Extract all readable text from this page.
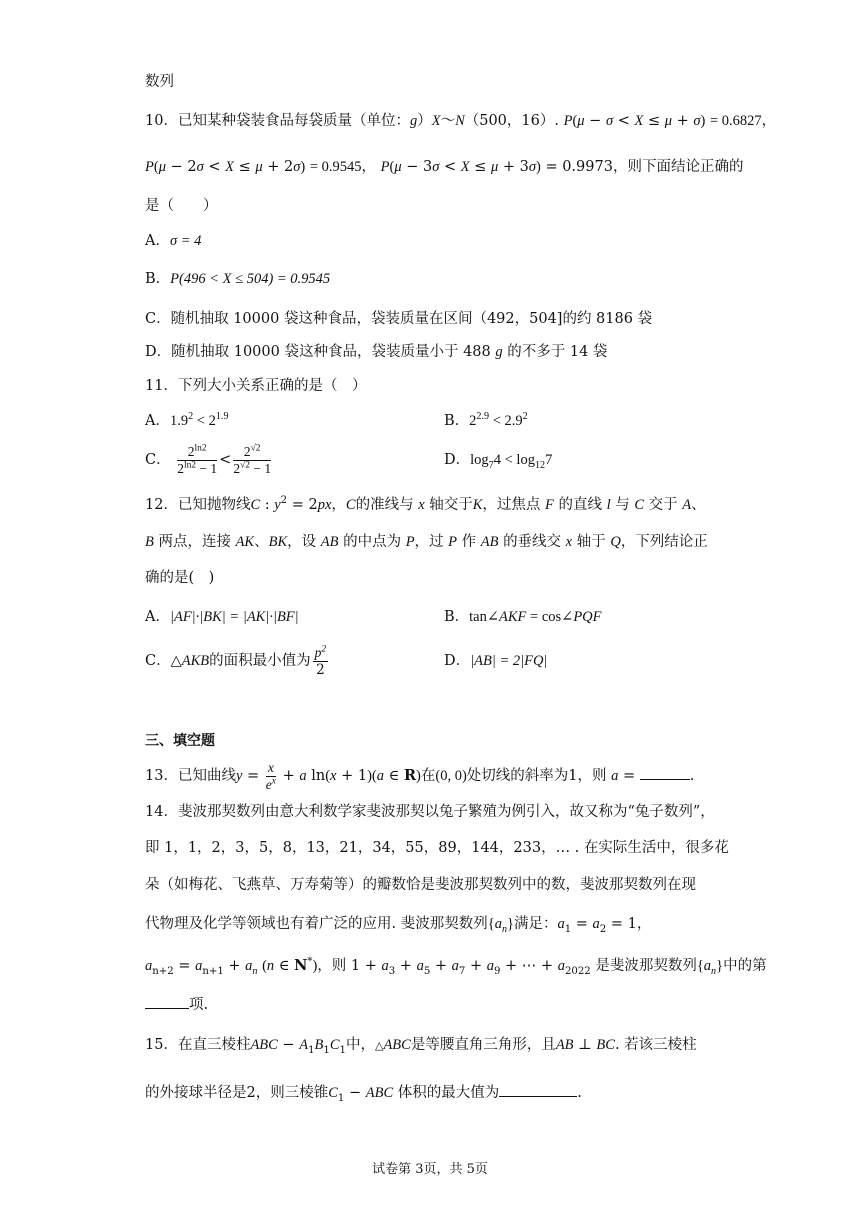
数列
10．已知某种袋装食品每袋质量（单位：g）X～N（500，16）. P(μ − σ < X ≤ μ + σ) = 0.6827，
P(μ − 2σ < X ≤ μ + 2σ) = 0.9545， P(μ − 3σ < X ≤ μ + 3σ) = 0.9973，则下面结论正确的
是（　　）
A．σ = 4
B．P(496 < X ≤ 504) = 0.9545
C．随机抽取 10000 袋这种食品，袋装质量在区间（492，504]的约 8186 袋
D．随机抽取 10000 袋这种食品，袋装质量小于 488 g 的不多于 14 袋
11．下列大小关系正确的是（　）
A．$1.9^2 < 2^{1.9}$	B．$2^{2.9} < 2.9^2$
C． $\frac{2^{ln2}}{2^{ln2} - 1} < \frac{2^{√2}}{2^{√2} - 1}$	D．$\log_74 < \log_{12}7$
12．已知抛物线C : $y^2 = 2px$，C的准线与 x 轴交于K，过焦点 F 的直线 l 与 C 交于 A、
B 两点，连接 AK、BK，设 AB 的中点为 P，过 P 作 AB 的垂线交 x 轴于 Q，下列结论正
确的是(　)
A．|AF|·|BK| = |AK|·|BF|	B．tan∠AKF = cos∠PQF
C．△AKB的面积最小值为 $\frac{p^2}{2}$	D．|AB| = 2|FQ|
三、填空题
13．已知曲线$y = \frac{x}{e^x} + a$ ln(x + 1)(a ∈ R)在(0, 0)处切线的斜率为1，则 a =	.
14．斐波那契数列由意大利数学家斐波那契以兔子繁殖为例引入，故又称为“兔子数列”，
即 1，1，2，3，5，8，13，21，34，55，89，144，233，… . 在实际生活中，很多花
朵（如梅花、飞燕草、万寿菊等）的瓣数恰是斐波那契数列中的数，斐波那契数列在现
代物理及化学等领域也有着广泛的应用. 斐波那契数列$\{a_n\}$满足：$a_1 = a_2 = 1$，
$a_{n+2} = a_{n+1} + a_n$ (n ∈ N*)，则 $1 + a_3 + a_5 + a_7 + a_9$ + ⋯ + $a_{2022}$ 是斐波那契数列$\{a_n\}$中的第
项.
15．在直三棱柱ABC − $A_1B_1C_1$中，△ABC是等腰直角三角形，且AB ⊥ BC. 若该三棱柱
的外接球半径是2，则三棱锥$C_1$ − ABC 体积的最大值为	.
试卷第 3页，共 5页
